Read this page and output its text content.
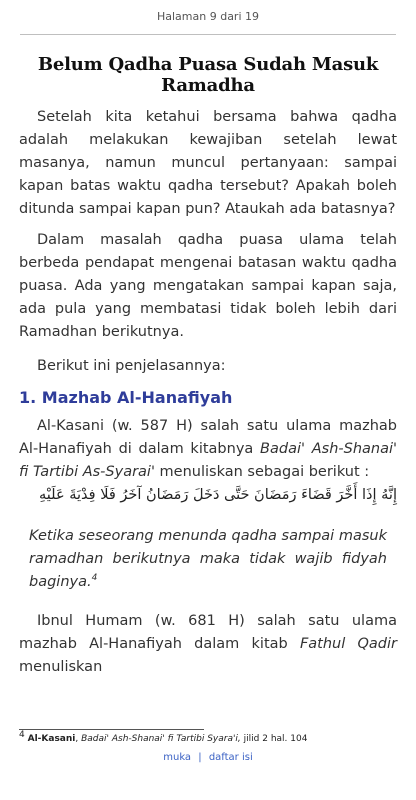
Halaman 9 dari 19
Belum Qadha Puasa Sudah Masuk Ramadha

Setelah kita ketahui bersama bahwa qadha adalah melakukan kewajiban setelah lewat masanya, namun muncul pertanyaan: sampai kapan batas waktu qadha tersebut? Apakah boleh ditunda sampai kapan pun? Ataukah ada batasnya?

Dalam masalah qadha puasa ulama telah berbeda pendapat mengenai batasan waktu qadha puasa. Ada yang mengatakan sampai kapan saja, ada pula yang membatasi tidak boleh lebih dari Ramadhan berikutnya.

Berikut ini penjelasannya:

1. Mazhab Al-Hanafiyah

Al-Kasani (w. 587 H) salah satu ulama mazhab Al-Hanafiyah di dalam kitabnya Badai' Ash-Shanai' fi Tartibi As-Syarai' menuliskan sebagai berikut :

إِنَّهُ إِذَا أَخَّرَ قَضَاءَ رَمَضَانَ حَتَّى دَخَلَ رَمَضَانُ آخَرُ فَلَا فِدْيَةَ عَلَيْهِ

Ketika seseorang menunda qadha sampai masuk ramadhan berikutnya maka tidak wajib fidyah baginya.$^4$

Ibnul Humam (w. 681 H) salah satu ulama mazhab Al-Hanafiyah dalam kitab Fathul Qadir menuliskan

$^4$ Al-Kasani, Badai' Ash-Shanai' fi Tartibi Syara'i, jilid 2 hal. 104
muka | daftar isi
